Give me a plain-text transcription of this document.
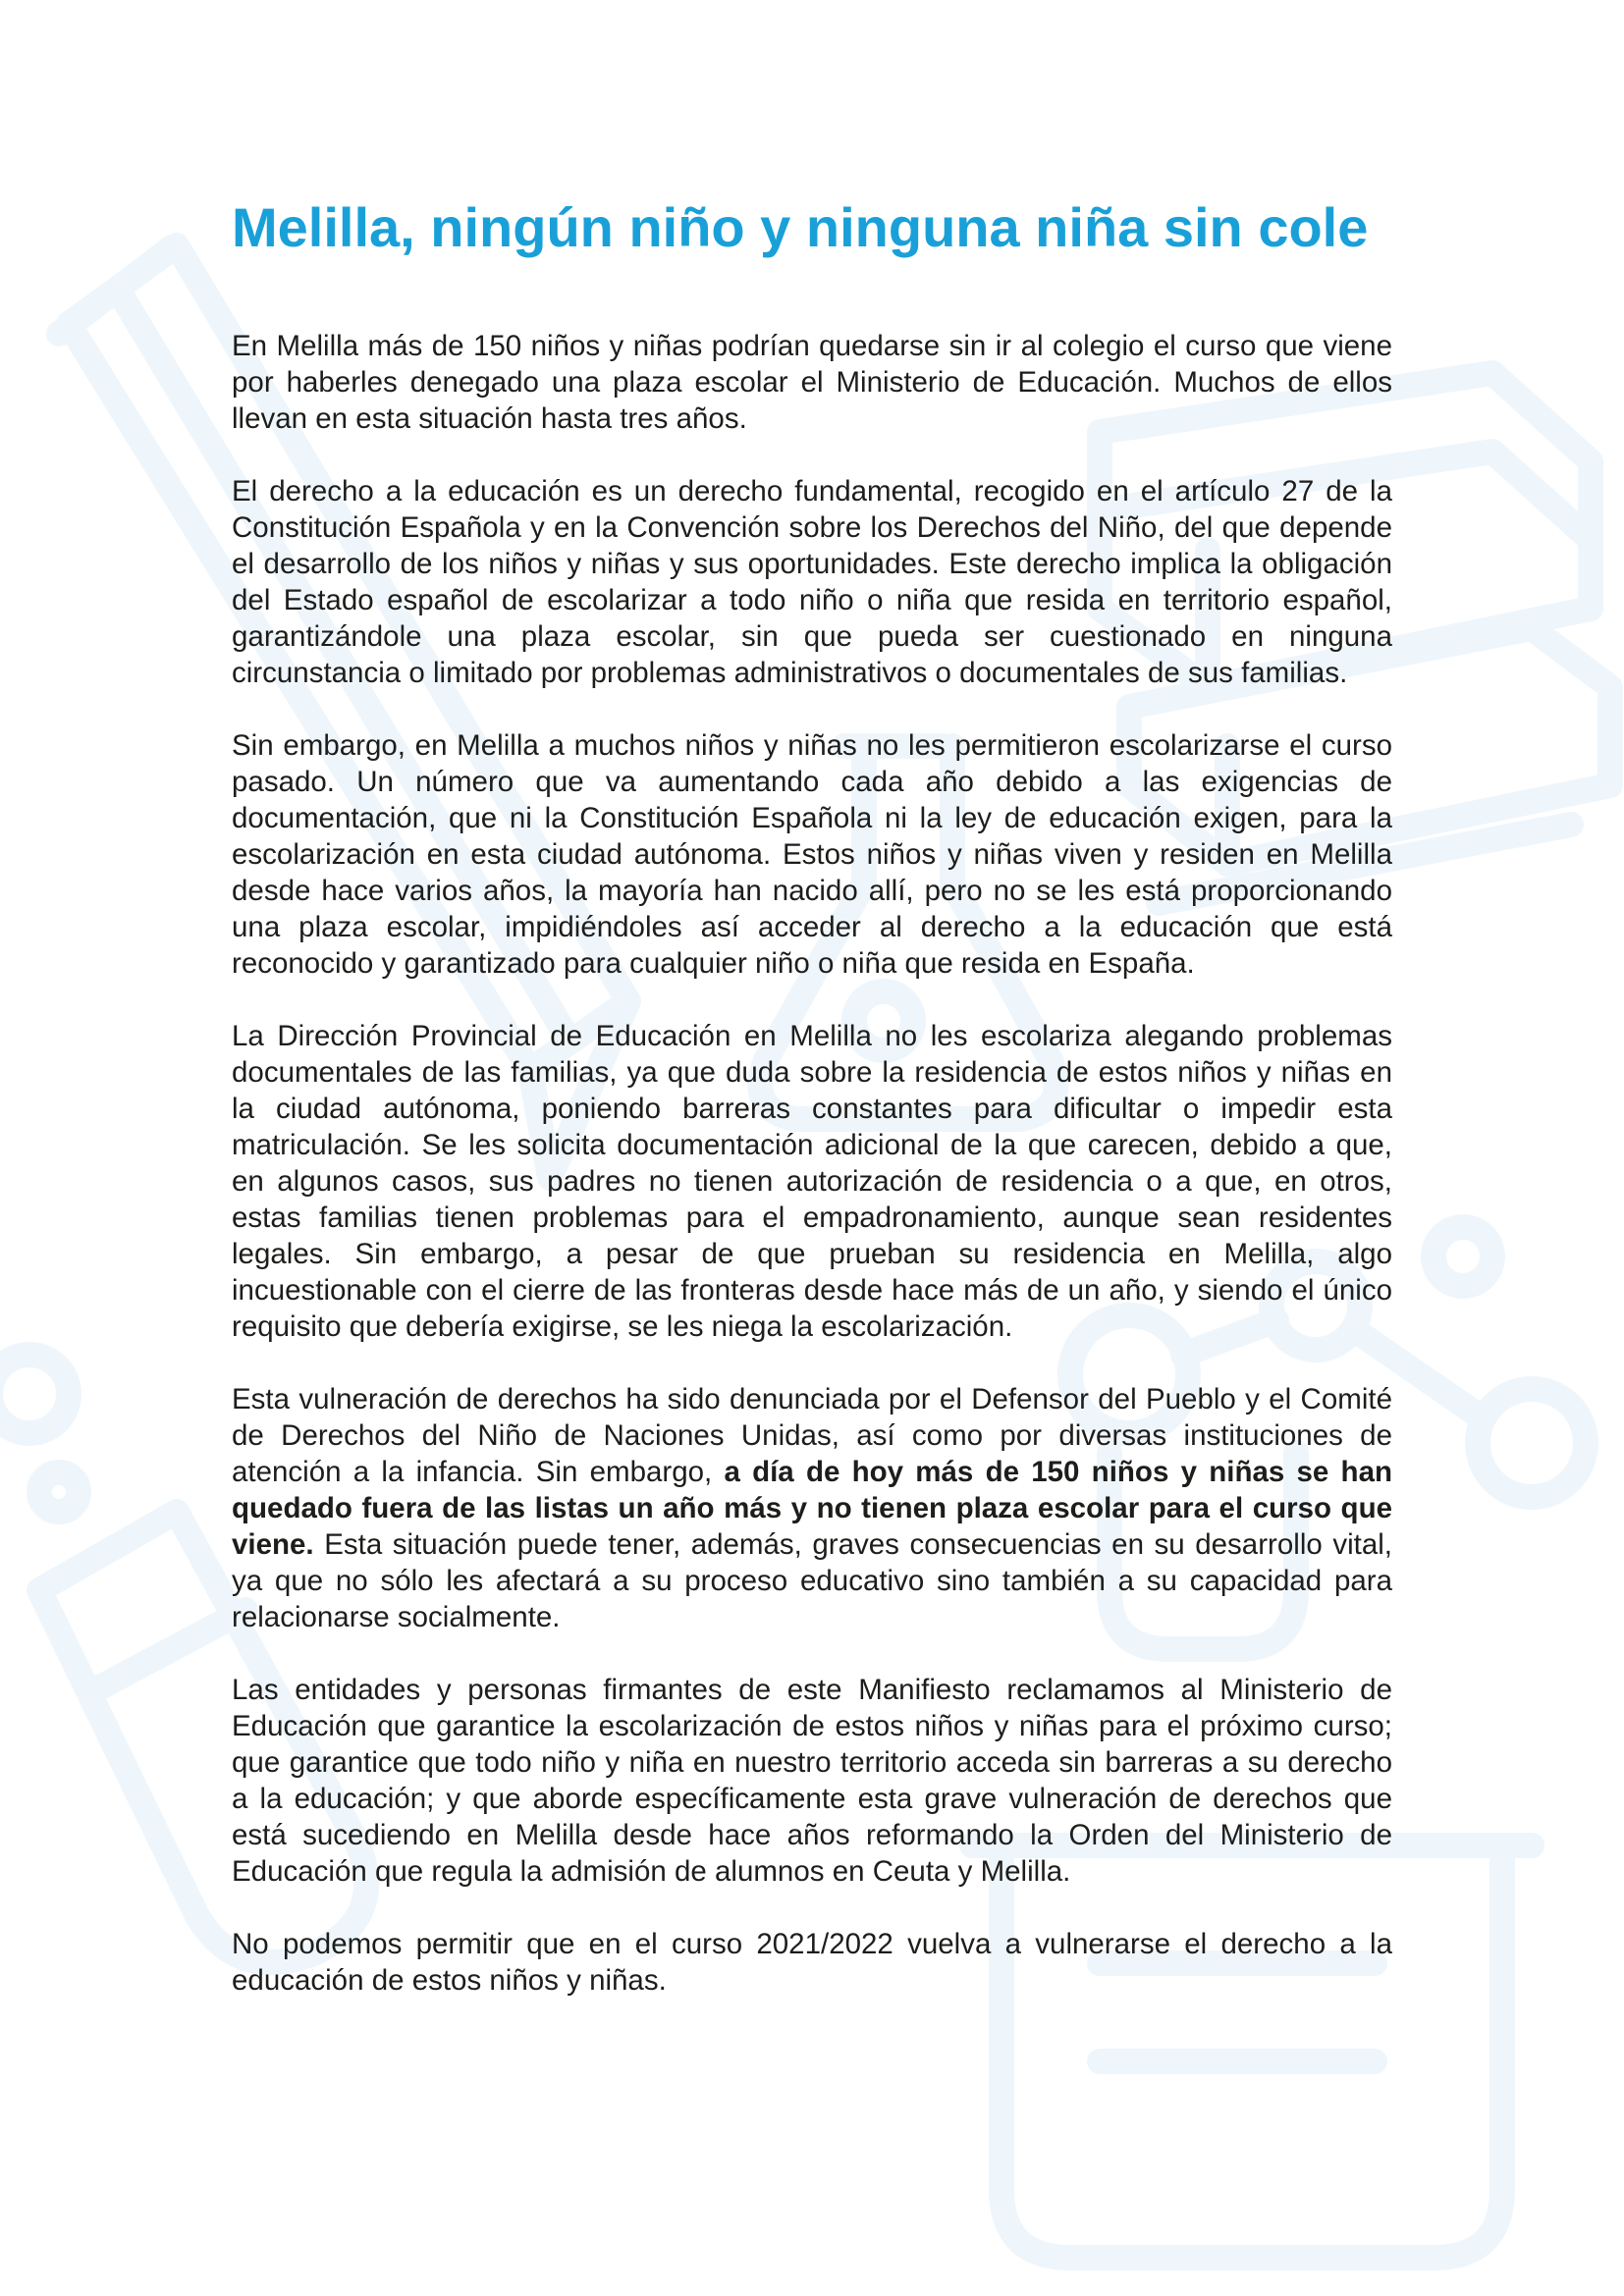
Melilla, ningún niño y ninguna niña sin cole

En Melilla más de 150 niños y niñas podrían quedarse sin ir al colegio el curso que viene por haberles denegado una plaza escolar el Ministerio de Educación. Muchos de ellos llevan en esta situación hasta tres años.

El derecho a la educación es un derecho fundamental, recogido en el artículo 27 de la Constitución Española y en la Convención sobre los Derechos del Niño, del que depende el desarrollo de los niños y niñas y sus oportunidades. Este derecho implica la obligación del Estado español de escolarizar a todo niño o niña que resida en territorio español, garantizándole una plaza escolar, sin que pueda ser cuestionado en ninguna circunstancia o limitado por problemas administrativos o documentales de sus familias.

Sin embargo, en Melilla a muchos niños y niñas no les permitieron escolarizarse el curso pasado. Un número que va aumentando cada año debido a las exigencias de documentación, que ni la Constitución Española ni la ley de educación exigen, para la escolarización en esta ciudad autónoma. Estos niños y niñas viven y residen en Melilla desde hace varios años, la mayoría han nacido allí, pero no se les está proporcionando una plaza escolar, impidiéndoles así acceder al derecho a la educación que está reconocido y garantizado para cualquier niño o niña que resida en España.

La Dirección Provincial de Educación en Melilla no les escolariza alegando problemas documentales de las familias, ya que duda sobre la residencia de estos niños y niñas en la ciudad autónoma, poniendo barreras constantes para dificultar o impedir esta matriculación. Se les solicita documentación adicional de la que carecen, debido a que, en algunos casos, sus padres no tienen autorización de residencia o a que, en otros, estas familias tienen problemas para el empadronamiento, aunque sean residentes legales. Sin embargo, a pesar de que prueban su residencia en Melilla, algo incuestionable con el cierre de las fronteras desde hace más de un año, y siendo el único requisito que debería exigirse, se les niega la escolarización.

Esta vulneración de derechos ha sido denunciada por el Defensor del Pueblo y el Comité de Derechos del Niño de Naciones Unidas, así como por diversas instituciones de atención a la infancia. Sin embargo, a día de hoy más de 150 niños y niñas se han quedado fuera de las listas un año más y no tienen plaza escolar para el curso que viene. Esta situación puede tener, además, graves consecuencias en su desarrollo vital, ya que no sólo les afectará a su proceso educativo sino también a su capacidad para relacionarse socialmente.

Las entidades y personas firmantes de este Manifiesto reclamamos al Ministerio de Educación que garantice la escolarización de estos niños y niñas para el próximo curso; que garantice que todo niño y niña en nuestro territorio acceda sin barreras a su derecho a la educación; y que aborde específicamente esta grave vulneración de derechos que está sucediendo en Melilla desde hace años reformando la Orden del Ministerio de Educación que regula la admisión de alumnos en Ceuta y Melilla.

No podemos permitir que en el curso 2021/2022 vuelva a vulnerarse el derecho a la educación de estos niños y niñas.
